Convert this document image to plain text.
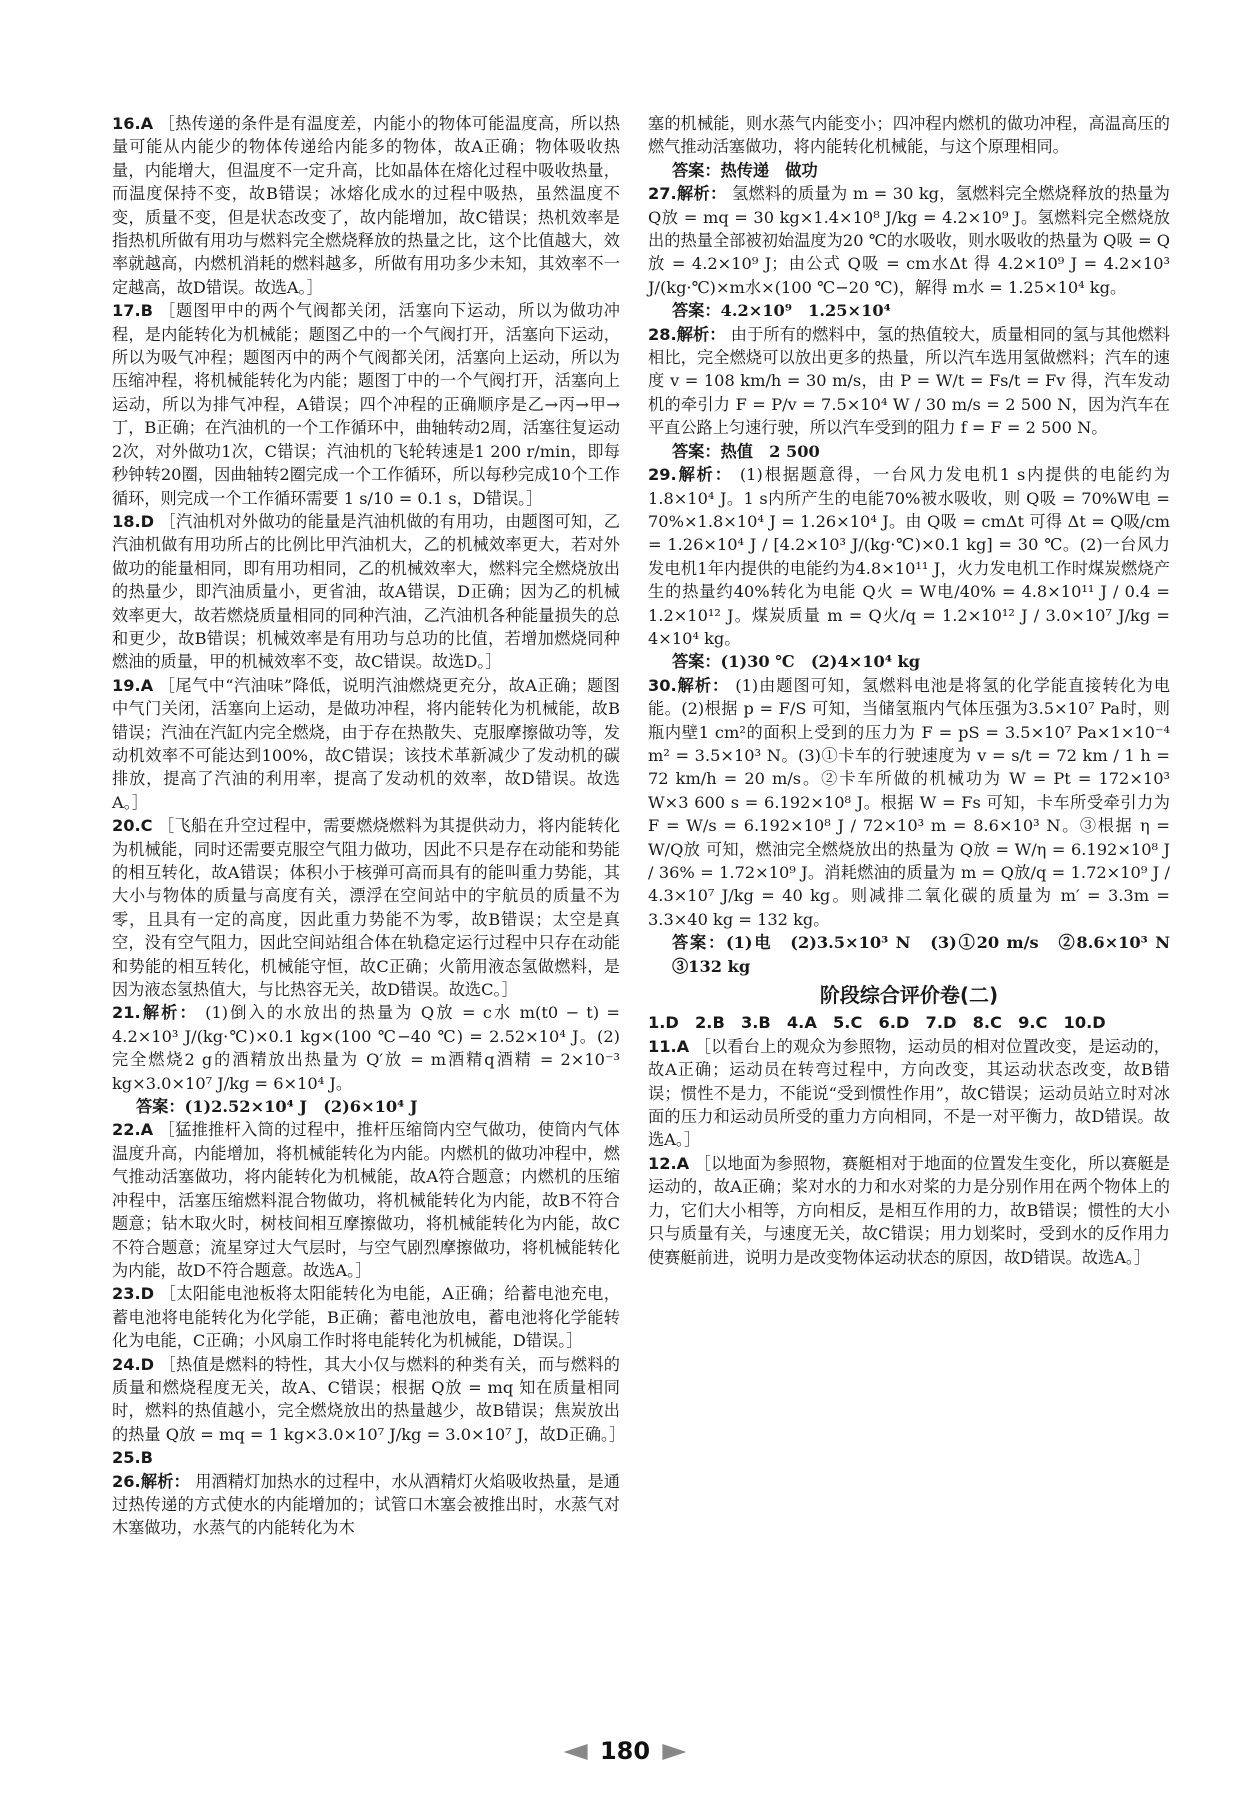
16.A ［热传递的条件是有温度差，内能小的物体可能温度高，所以热量可能从内能少的物体传递给内能多的物体，故A正确；物体吸收热量，内能增大，但温度不一定升高，比如晶体在熔化过程中吸收热量，而温度保持不变，故B错误；冰熔化成水的过程中吸热，虽然温度不变，质量不变，但是状态改变了，故内能增加，故C错误；热机效率是指热机所做有用功与燃料完全燃烧释放的热量之比，这个比值越大，效率就越高，内燃机消耗的燃料越多，所做有用功多少未知，其效率不一定越高，故D错误。故选A。］

17.B ［题图甲中的两个气阀都关闭，活塞向下运动，所以为做功冲程，是内能转化为机械能；题图乙中的一个气阀打开，活塞向下运动，所以为吸气冲程；题图丙中的两个气阀都关闭，活塞向上运动，所以为压缩冲程，将机械能转化为内能；题图丁中的一个气阀打开，活塞向上运动，所以为排气冲程，A错误；四个冲程的正确顺序是乙→丙→甲→丁，B正确；在汽油机的一个工作循环中，曲轴转动2周，活塞往复运动2次，对外做功1次，C错误；汽油机的飞轮转速是1 200 r/min，即每秒钟转20圈，因曲轴转2圈完成一个工作循环，所以每秒完成10个工作循环，则完成一个工作循环需要 1 s/10 = 0.1 s，D错误。］

18.D ［汽油机对外做功的能量是汽油机做的有用功，由题图可知，乙汽油机做有用功所占的比例比甲汽油机大，乙的机械效率更大，若对外做功的能量相同，即有用功相同，乙的机械效率大，燃料完全燃烧放出的热量少，即汽油质量小，更省油，故A错误，D正确；因为乙的机械效率更大，故若燃烧质量相同的同种汽油，乙汽油机各种能量损失的总和更少，故B错误；机械效率是有用功与总功的比值，若增加燃烧同种燃油的质量，甲的机械效率不变，故C错误。故选D。］

19.A ［尾气中“汽油味”降低，说明汽油燃烧更充分，故A正确；题图中气门关闭，活塞向上运动，是做功冲程，将内能转化为机械能，故B错误；汽油在汽缸内完全燃烧，由于存在热散失、克服摩擦做功等，发动机效率不可能达到100%，故C错误；该技术革新减少了发动机的碳排放，提高了汽油的利用率，提高了发动机的效率，故D错误。故选A。］

20.C ［飞船在升空过程中，需要燃烧燃料为其提供动力，将内能转化为机械能，同时还需要克服空气阻力做功，因此不只是存在动能和势能的相互转化，故A错误；体积小于核弹可高而具有的能叫重力势能，其大小与物体的质量与高度有关，漂浮在空间站中的宇航员的质量不为零，且具有一定的高度，因此重力势能不为零，故B错误；太空是真空，没有空气阻力，因此空间站组合体在轨稳定运行过程中只存在动能和势能的相互转化，机械能守恒，故C正确；火箭用液态氢做燃料，是因为液态氢热值大，与比热容无关，故D错误。故选C。］

21.解析： (1)倒入的水放出的热量为 Q放 = c水 m(t0 − t) = 4.2×10³ J/(kg·℃)×0.1 kg×(100 ℃−40 ℃) = 2.52×10⁴ J。(2)完全燃烧2 g的酒精放出热量为 Q′放 = m酒精q酒精 = 2×10⁻³ kg×3.0×10⁷ J/kg = 6×10⁴ J。

答案：(1)2.52×10⁴ J　(2)6×10⁴ J

22.A ［猛推推杆入筒的过程中，推杆压缩筒内空气做功，使筒内气体温度升高，内能增加，将机械能转化为内能。内燃机的做功冲程中，燃气推动活塞做功，将内能转化为机械能，故A符合题意；内燃机的压缩冲程中，活塞压缩燃料混合物做功，将机械能转化为内能，故B不符合题意；钻木取火时，树枝间相互摩擦做功，将机械能转化为内能，故C不符合题意；流星穿过大气层时，与空气剧烈摩擦做功，将机械能转化为内能，故D不符合题意。故选A。］

23.D ［太阳能电池板将太阳能转化为电能，A正确；给蓄电池充电，蓄电池将电能转化为化学能，B正确；蓄电池放电，蓄电池将化学能转化为电能，C正确；小风扇工作时将电能转化为机械能，D错误。］

24.D ［热值是燃料的特性，其大小仅与燃料的种类有关，而与燃料的质量和燃烧程度无关，故A、C错误；根据 Q放 = mq 知在质量相同时，燃料的热值越小，完全燃烧放出的热量越少，故B错误；焦炭放出的热量 Q放 = mq = 1 kg×3.0×10⁷ J/kg = 3.0×10⁷ J，故D正确。］

25.B

26.解析： 用酒精灯加热水的过程中，水从酒精灯火焰吸收热量，是通过热传递的方式使水的内能增加的；试管口木塞会被推出时，水蒸气对木塞做功，水蒸气的内能转化为木

塞的机械能，则水蒸气内能变小；四冲程内燃机的做功冲程，高温高压的燃气推动活塞做功，将内能转化机械能，与这个原理相同。

答案：热传递　做功

27.解析： 氢燃料的质量为 m = 30 kg，氢燃料完全燃烧释放的热量为 Q放 = mq = 30 kg×1.4×10⁸ J/kg = 4.2×10⁹ J。氢燃料完全燃烧放出的热量全部被初始温度为20 ℃的水吸收，则水吸收的热量为 Q吸 = Q放 = 4.2×10⁹ J；由公式 Q吸 = cm水Δt 得 4.2×10⁹ J = 4.2×10³ J/(kg·℃)×m水×(100 ℃−20 ℃)，解得 m水 = 1.25×10⁴ kg。

答案：4.2×10⁹　1.25×10⁴

28.解析： 由于所有的燃料中，氢的热值较大，质量相同的氢与其他燃料相比，完全燃烧可以放出更多的热量，所以汽车选用氢做燃料；汽车的速度 v = 108 km/h = 30 m/s，由 P = W/t = Fs/t = Fv 得，汽车发动机的牵引力 F = P/v = 7.5×10⁴ W / 30 m/s = 2 500 N，因为汽车在平直公路上匀速行驶，所以汽车受到的阻力 f = F = 2 500 N。

答案：热值　2 500

29.解析： (1)根据题意得，一台风力发电机1 s内提供的电能约为1.8×10⁴ J。1 s内所产生的电能70%被水吸收，则 Q吸 = 70%W电 = 70%×1.8×10⁴ J = 1.26×10⁴ J。由 Q吸 = cmΔt 可得 Δt = Q吸/cm = 1.26×10⁴ J / [4.2×10³ J/(kg·℃)×0.1 kg] = 30 ℃。(2)一台风力发电机1年内提供的电能约为4.8×10¹¹ J，火力发电机工作时煤炭燃烧产生的热量约40%转化为电能 Q火 = W电/40% = 4.8×10¹¹ J / 0.4 = 1.2×10¹² J。煤炭质量 m = Q火/q = 1.2×10¹² J / 3.0×10⁷ J/kg = 4×10⁴ kg。

答案：(1)30 ℃　(2)4×10⁴ kg

30.解析： (1)由题图可知，氢燃料电池是将氢的化学能直接转化为电能。(2)根据 p = F/S 可知，当储氢瓶内气体压强为3.5×10⁷ Pa时，则瓶内壁1 cm²的面积上受到的压力为 F = pS = 3.5×10⁷ Pa×1×10⁻⁴ m² = 3.5×10³ N。(3)①卡车的行驶速度为 v = s/t = 72 km / 1 h = 72 km/h = 20 m/s。②卡车所做的机械功为 W = Pt = 172×10³ W×3 600 s = 6.192×10⁸ J。根据 W = Fs 可知，卡车所受牵引力为 F = W/s = 6.192×10⁸ J / 72×10³ m = 8.6×10³ N。③根据 η = W/Q放 可知，燃油完全燃烧放出的热量为 Q放 = W/η = 6.192×10⁸ J / 36% = 1.72×10⁹ J。消耗燃油的质量为 m = Q放/q = 1.72×10⁹ J / 4.3×10⁷ J/kg = 40 kg。则减排二氧化碳的质量为 m′ = 3.3m = 3.3×40 kg = 132 kg。

答案：(1)电　(2)3.5×10³ N　(3)①20 m/s　②8.6×10³ N　③132 kg

阶段综合评价卷(二)

1.D　2.B　3.B　4.A　5.C　6.D　7.D　8.C　9.C　10.D

11.A ［以看台上的观众为参照物，运动员的相对位置改变，是运动的，故A正确；运动员在转弯过程中，方向改变，其运动状态改变，故B错误；惯性不是力，不能说“受到惯性作用”，故C错误；运动员站立时对冰面的压力和运动员所受的重力方向相同，不是一对平衡力，故D错误。故选A。］

12.A ［以地面为参照物，赛艇相对于地面的位置发生变化，所以赛艇是运动的，故A正确；桨对水的力和水对桨的力是分别作用在两个物体上的力，它们大小相等，方向相反，是相互作用的力，故B错误；惯性的大小只与质量有关，与速度无关，故C错误；用力划桨时，受到水的反作用力使赛艇前进，说明力是改变物体运动状态的原因，故D错误。故选A。］

180
